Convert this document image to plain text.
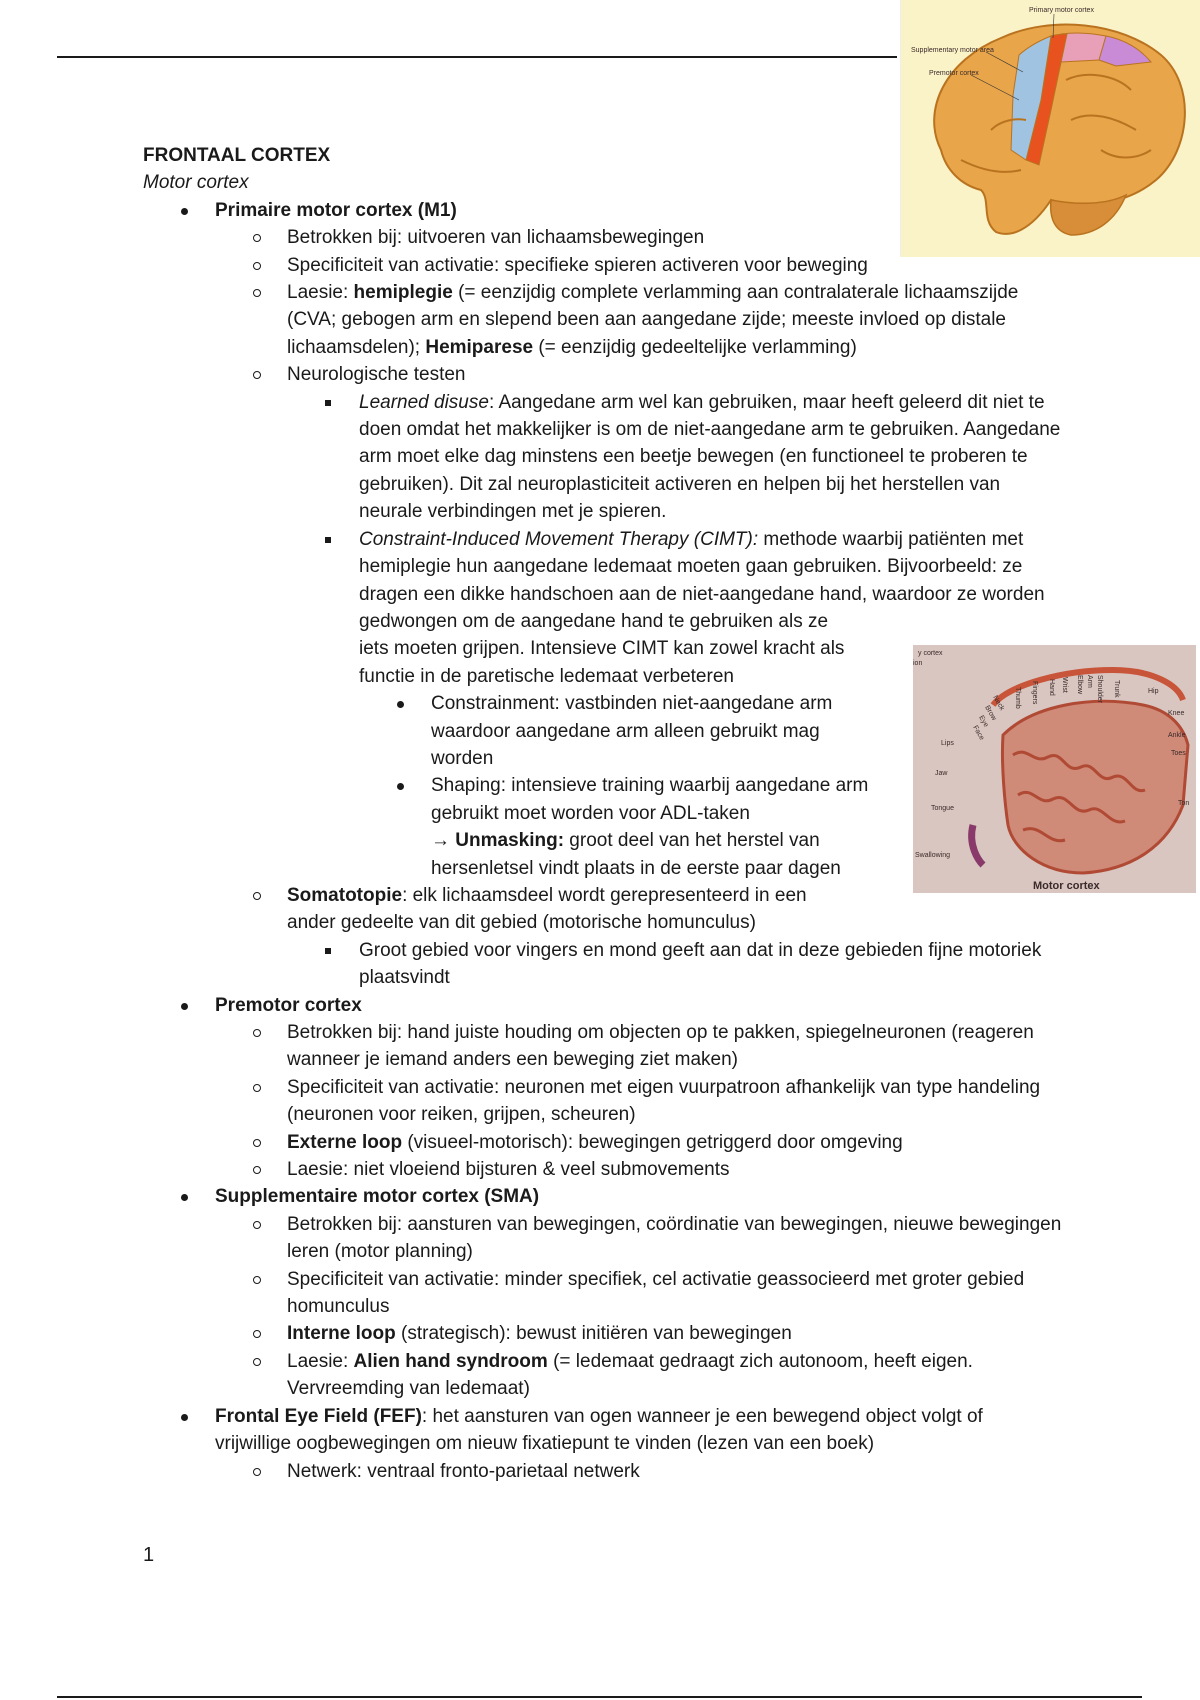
Primary motor cortex
Supplementary motor area
Premotor cortex
y cortex
ion
Motor cortex
Ton
Trunk	Hip
Knee
Ankle
Toes
Shoulder
Elbow
Wrist
Hand
Fingers
Thumb
Neck
Brow
Eye
Face
Lips
Jaw
Tongue
Swallowing
Arm
FRONTAAL CORTEX
Motor cortex
Primaire motor cortex (M1)
Betrokken bij: uitvoeren van lichaamsbewegingen
Specificiteit van activatie: specifieke spieren activeren voor beweging
Laesie: hemiplegie (= eenzijdig complete verlamming aan contralaterale lichaamszijde (CVA; gebogen arm en slepend been aan aangedane zijde; meeste invloed op distale lichaamsdelen); Hemiparese (= eenzijdig gedeeltelijke verlamming)
Neurologische testen
Learned disuse: Aangedane arm wel kan gebruiken, maar heeft geleerd dit niet te doen omdat het makkelijker is om de niet-aangedane arm te gebruiken. Aangedane arm moet elke dag minstens een beetje bewegen (en functioneel te proberen te gebruiken). Dit zal neuroplasticiteit activeren en helpen bij het herstellen van neurale verbindingen met je spieren.
Constraint-Induced Movement Therapy (CIMT): methode waarbij patiënten met hemiplegie hun aangedane ledemaat moeten gaan gebruiken. Bijvoorbeeld: ze dragen een dikke handschoen aan de niet-aangedane hand, waardoor ze worden gedwongen om de aangedane hand te gebruiken als ze
iets moeten grijpen. Intensieve CIMT kan zowel kracht als functie in de paretische ledemaat verbeteren
Constrainment: vastbinden niet-aangedane arm waardoor aangedane arm alleen gebruikt mag worden
Shaping: intensieve training waarbij aangedane arm gebruikt moet worden voor ADL-taken
→ Unmasking: groot deel van het herstel van hersenletsel vindt plaats in de eerste paar dagen
Somatotopie: elk lichaamsdeel wordt gerepresenteerd in een ander gedeelte van dit gebied (motorische homunculus)
Groot gebied voor vingers en mond geeft aan dat in deze gebieden fijne motoriek plaatsvindt
Premotor cortex
Betrokken bij: hand juiste houding om objecten op te pakken, spiegelneuronen (reageren wanneer je iemand anders een beweging ziet maken)
Specificiteit van activatie: neuronen met eigen vuurpatroon afhankelijk van type handeling (neuronen voor reiken, grijpen, scheuren)
Externe loop (visueel-motorisch): bewegingen getriggerd door omgeving
Laesie: niet vloeiend bijsturen & veel submovements
Supplementaire motor cortex (SMA)
Betrokken bij: aansturen van bewegingen, coördinatie van bewegingen, nieuwe bewegingen leren (motor planning)
Specificiteit van activatie: minder specifiek, cel activatie geassocieerd met groter gebied homunculus
Interne loop (strategisch): bewust initiëren van bewegingen
Laesie: Alien hand syndroom (= ledemaat gedraagt zich autonoom, heeft eigen. Vervreemding van ledemaat)
Frontal Eye Field (FEF): het aansturen van ogen wanneer je een bewegend object volgt of vrijwillige oogbewegingen om nieuw fixatiepunt te vinden (lezen van een boek)
Netwerk: ventraal fronto-parietaal netwerk
1
